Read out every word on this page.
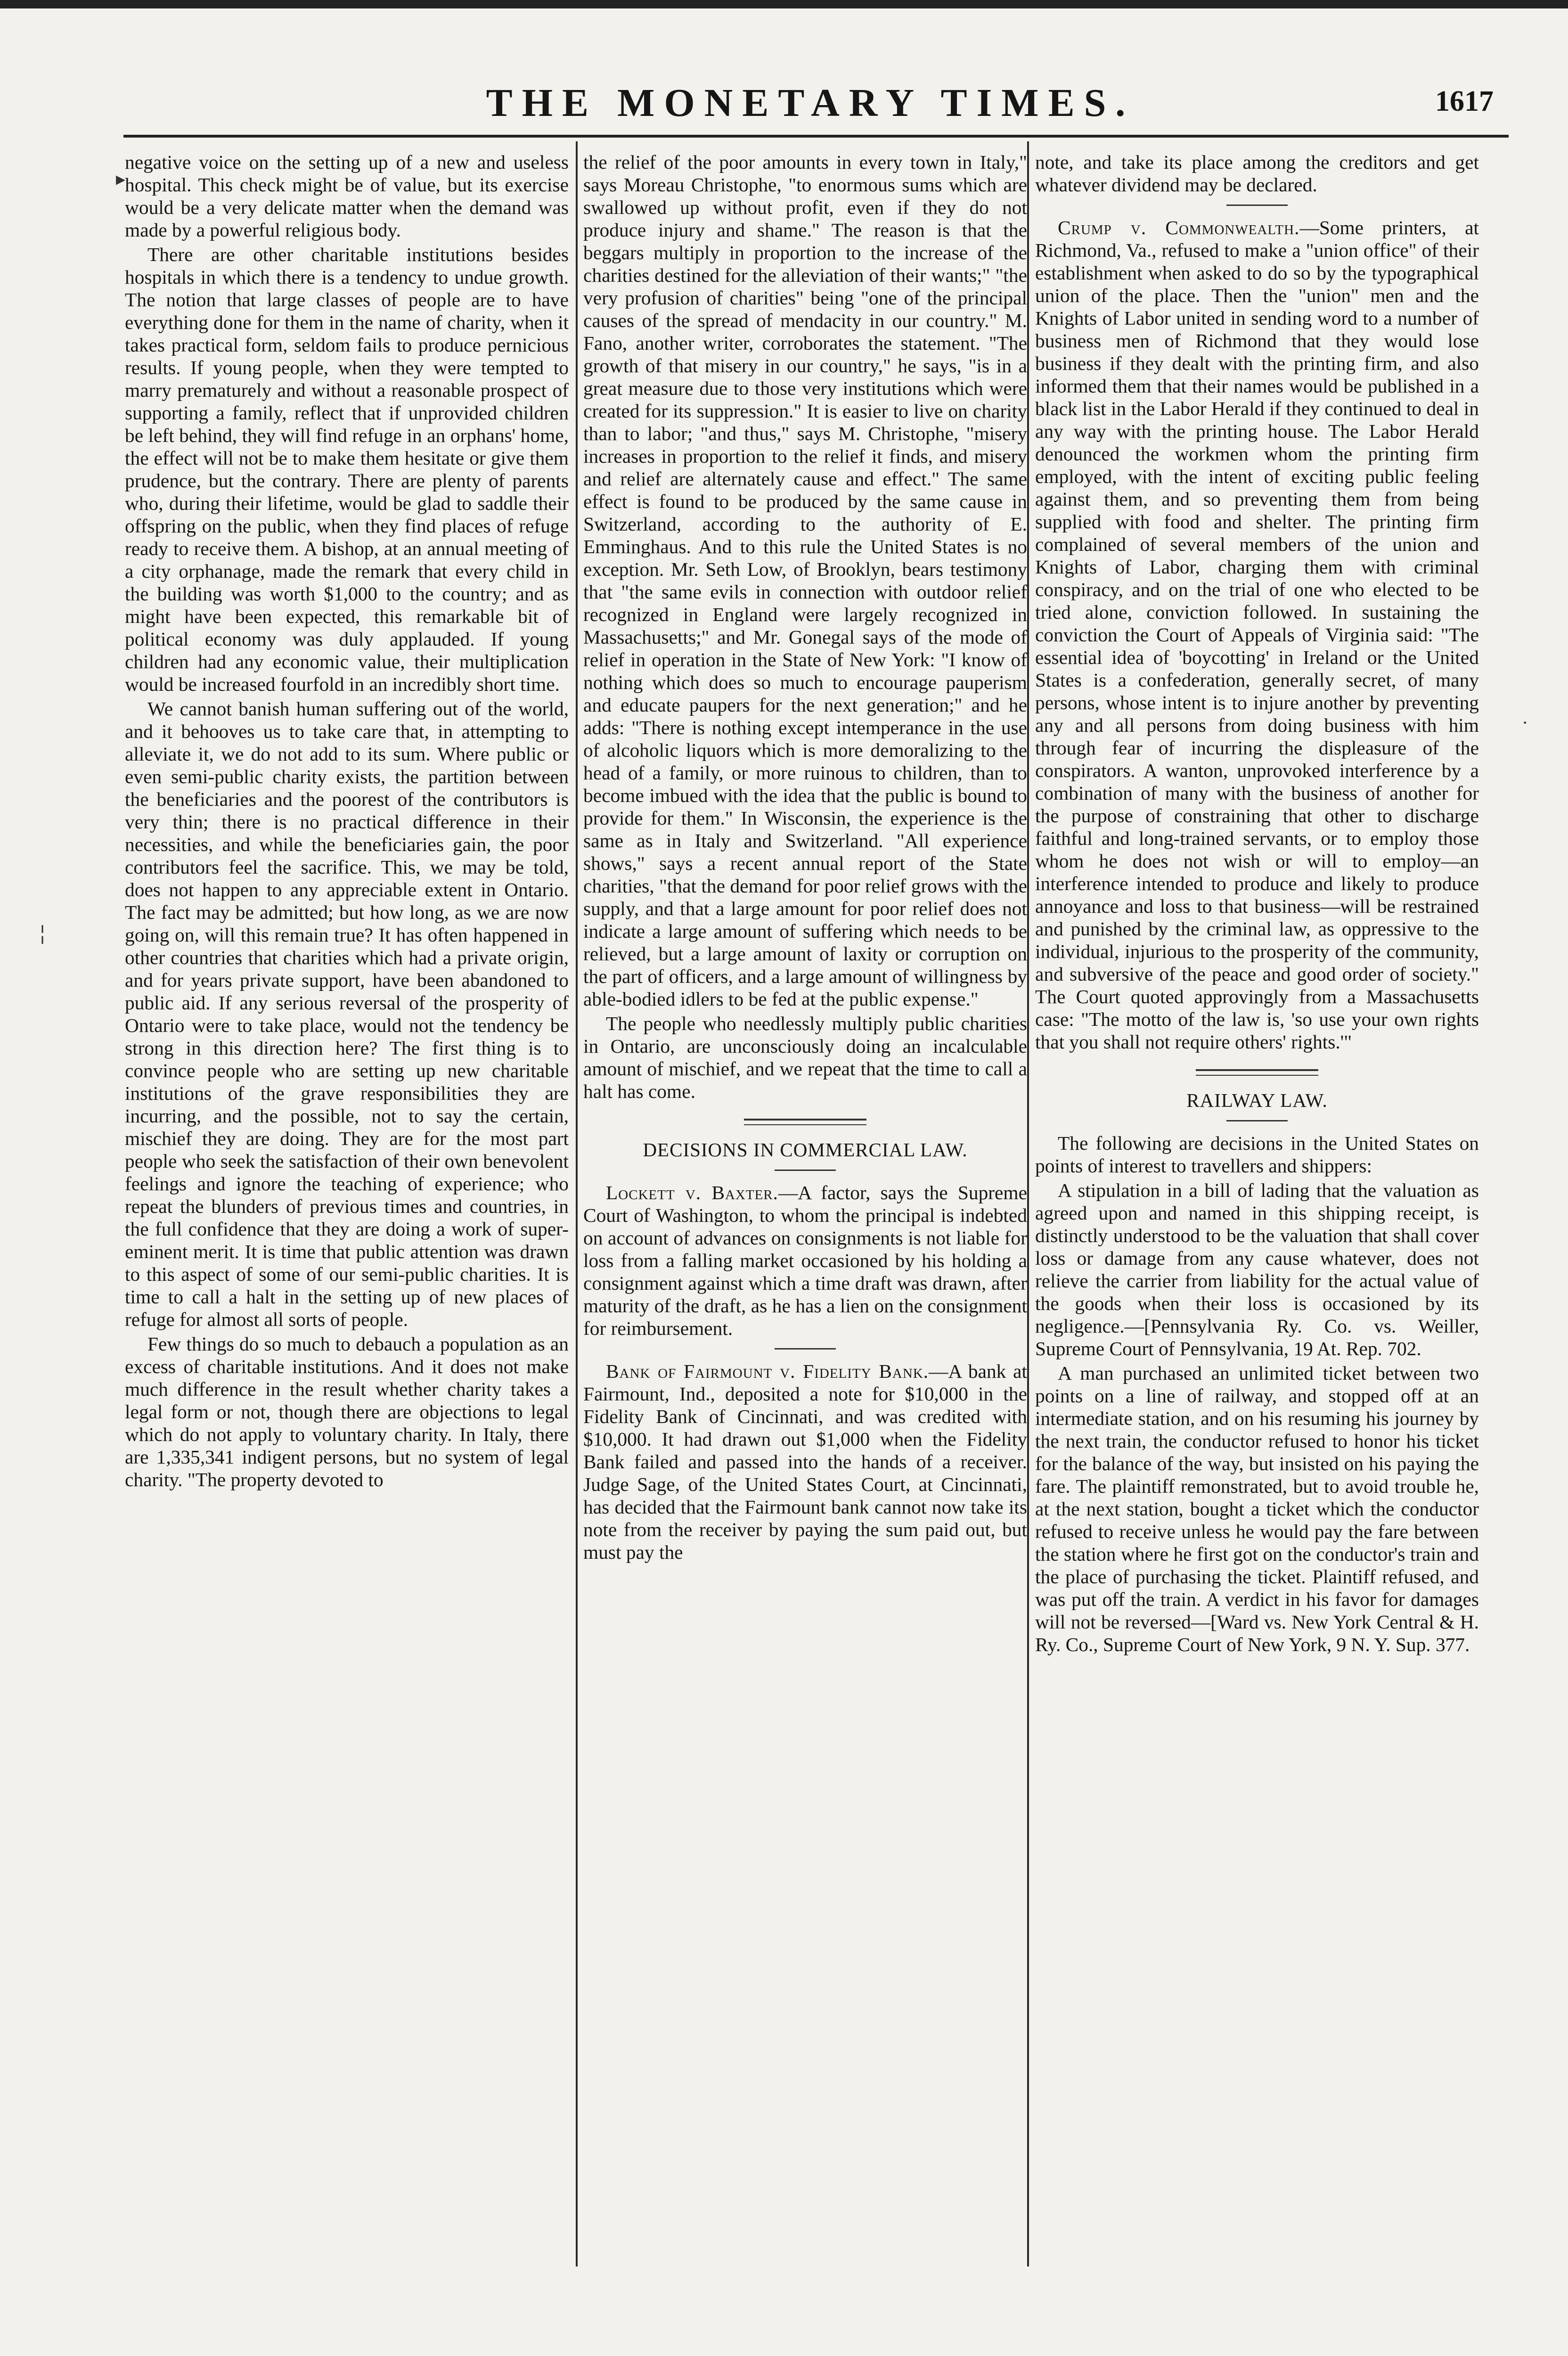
THE MONETARY TIMES.	1617
▸
╎
·

negative voice on the setting up of a new and useless hospital. This check might be of value, but its exercise would be a very delicate matter when the demand was made by a powerful religious body.

There are other charitable institutions besides hospitals in which there is a tendency to undue growth. The notion that large classes of people are to have everything done for them in the name of charity, when it takes practical form, seldom fails to produce pernicious results. If young people, when they were tempted to marry prematurely and without a reasonable prospect of supporting a family, reflect that if unprovided children be left behind, they will find refuge in an orphans' home, the effect will not be to make them hesitate or give them prudence, but the contrary. There are plenty of parents who, during their lifetime, would be glad to saddle their offspring on the public, when they find places of refuge ready to receive them. A bishop, at an annual meeting of a city orphanage, made the remark that every child in the building was worth $1,000 to the country; and as might have been expected, this remarkable bit of political economy was duly applauded. If young children had any economic value, their multiplication would be increased fourfold in an incredibly short time.

We cannot banish human suffering out of the world, and it behooves us to take care that, in attempting to alleviate it, we do not add to its sum. Where public or even semi-public charity exists, the partition between the beneficiaries and the poorest of the contributors is very thin; there is no practical difference in their necessities, and while the beneficiaries gain, the poor contributors feel the sacrifice. This, we may be told, does not happen to any appreciable extent in Ontario. The fact may be admitted; but how long, as we are now going on, will this remain true? It has often happened in other countries that charities which had a private origin, and for years private support, have been abandoned to public aid. If any serious reversal of the prosperity of Ontario were to take place, would not the tendency be strong in this direction here? The first thing is to convince people who are setting up new charitable institutions of the grave responsibilities they are incurring, and the possible, not to say the certain, mischief they are doing. They are for the most part people who seek the satisfaction of their own benevolent feelings and ignore the teaching of experience; who repeat the blunders of previous times and countries, in the full confidence that they are doing a work of super-eminent merit. It is time that public attention was drawn to this aspect of some of our semi-public charities. It is time to call a halt in the setting up of new places of refuge for almost all sorts of people.

Few things do so much to debauch a population as an excess of charitable institutions. And it does not make much difference in the result whether charity takes a legal form or not, though there are objections to legal which do not apply to voluntary charity. In Italy, there are 1,335,341 indigent persons, but no system of legal charity. "The property devoted to

the relief of the poor amounts in every town in Italy," says Moreau Christophe, "to enormous sums which are swallowed up without profit, even if they do not produce injury and shame." The reason is that the beggars multiply in proportion to the increase of the charities destined for the alleviation of their wants;" "the very profusion of charities" being "one of the principal causes of the spread of mendacity in our country." M. Fano, another writer, corroborates the statement. "The growth of that misery in our country," he says, "is in a great measure due to those very institutions which were created for its suppression." It is easier to live on charity than to labor; "and thus," says M. Christophe, "misery increases in proportion to the relief it finds, and misery and relief are alternately cause and effect." The same effect is found to be produced by the same cause in Switzerland, according to the authority of E. Emminghaus. And to this rule the United States is no exception. Mr. Seth Low, of Brooklyn, bears testimony that "the same evils in connection with outdoor relief recognized in England were largely recognized in Massachusetts;" and Mr. Gonegal says of the mode of relief in operation in the State of New York: "I know of nothing which does so much to encourage pauperism and educate paupers for the next generation;" and he adds: "There is nothing except intemperance in the use of alcoholic liquors which is more demoralizing to the head of a family, or more ruinous to children, than to become imbued with the idea that the public is bound to provide for them." In Wisconsin, the experience is the same as in Italy and Switzerland. "All experience shows," says a recent annual report of the State charities, "that the demand for poor relief grows with the supply, and that a large amount for poor relief does not indicate a large amount of suffering which needs to be relieved, but a large amount of laxity or corruption on the part of officers, and a large amount of willingness by able-bodied idlers to be fed at the public expense."

The people who needlessly multiply public charities in Ontario, are unconsciously doing an incalculable amount of mischief, and we repeat that the time to call a halt has come.

DECISIONS IN COMMERCIAL LAW.

Lockett v. Baxter.—A factor, says the Supreme Court of Washington, to whom the principal is indebted on account of advances on consignments is not liable for loss from a falling market occasioned by his holding a consignment against which a time draft was drawn, after maturity of the draft, as he has a lien on the consignment for reimbursement.

Bank of Fairmount v. Fidelity Bank.—A bank at Fairmount, Ind., deposited a note for $10,000 in the Fidelity Bank of Cincinnati, and was credited with $10,000. It had drawn out $1,000 when the Fidelity Bank failed and passed into the hands of a receiver. Judge Sage, of the United States Court, at Cincinnati, has decided that the Fairmount bank cannot now take its note from the receiver by paying the sum paid out, but must pay the

note, and take its place among the creditors and get whatever dividend may be declared.

Crump v. Commonwealth.—Some printers, at Richmond, Va., refused to make a "union office" of their establishment when asked to do so by the typographical union of the place. Then the "union" men and the Knights of Labor united in sending word to a number of business men of Richmond that they would lose business if they dealt with the printing firm, and also informed them that their names would be published in a black list in the Labor Herald if they continued to deal in any way with the printing house. The Labor Herald denounced the workmen whom the printing firm employed, with the intent of exciting public feeling against them, and so preventing them from being supplied with food and shelter. The printing firm complained of several members of the union and Knights of Labor, charging them with criminal conspiracy, and on the trial of one who elected to be tried alone, conviction followed. In sustaining the conviction the Court of Appeals of Virginia said: "The essential idea of 'boycotting' in Ireland or the United States is a confederation, generally secret, of many persons, whose intent is to injure another by preventing any and all persons from doing business with him through fear of incurring the displeasure of the conspirators. A wanton, unprovoked interference by a combination of many with the business of another for the purpose of constraining that other to discharge faithful and long-trained servants, or to employ those whom he does not wish or will to employ—an interference intended to produce and likely to produce annoyance and loss to that business—will be restrained and punished by the criminal law, as oppressive to the individual, injurious to the prosperity of the community, and subversive of the peace and good order of society." The Court quoted approvingly from a Massachusetts case: "The motto of the law is, 'so use your own rights that you shall not require others' rights.'"

RAILWAY LAW.

The following are decisions in the United States on points of interest to travellers and shippers:

A stipulation in a bill of lading that the valuation as agreed upon and named in this shipping receipt, is distinctly understood to be the valuation that shall cover loss or damage from any cause whatever, does not relieve the carrier from liability for the actual value of the goods when their loss is occasioned by its negligence.—[Pennsylvania Ry. Co. vs. Weiller, Supreme Court of Pennsylvania, 19 At. Rep. 702.

A man purchased an unlimited ticket between two points on a line of railway, and stopped off at an intermediate station, and on his resuming his journey by the next train, the conductor refused to honor his ticket for the balance of the way, but insisted on his paying the fare. The plaintiff remonstrated, but to avoid trouble he, at the next station, bought a ticket which the conductor refused to receive unless he would pay the fare between the station where he first got on the conductor's train and the place of purchasing the ticket. Plaintiff refused, and was put off the train. A verdict in his favor for damages will not be reversed—[Ward vs. New York Central & H. Ry. Co., Supreme Court of New York, 9 N. Y. Sup. 377.
